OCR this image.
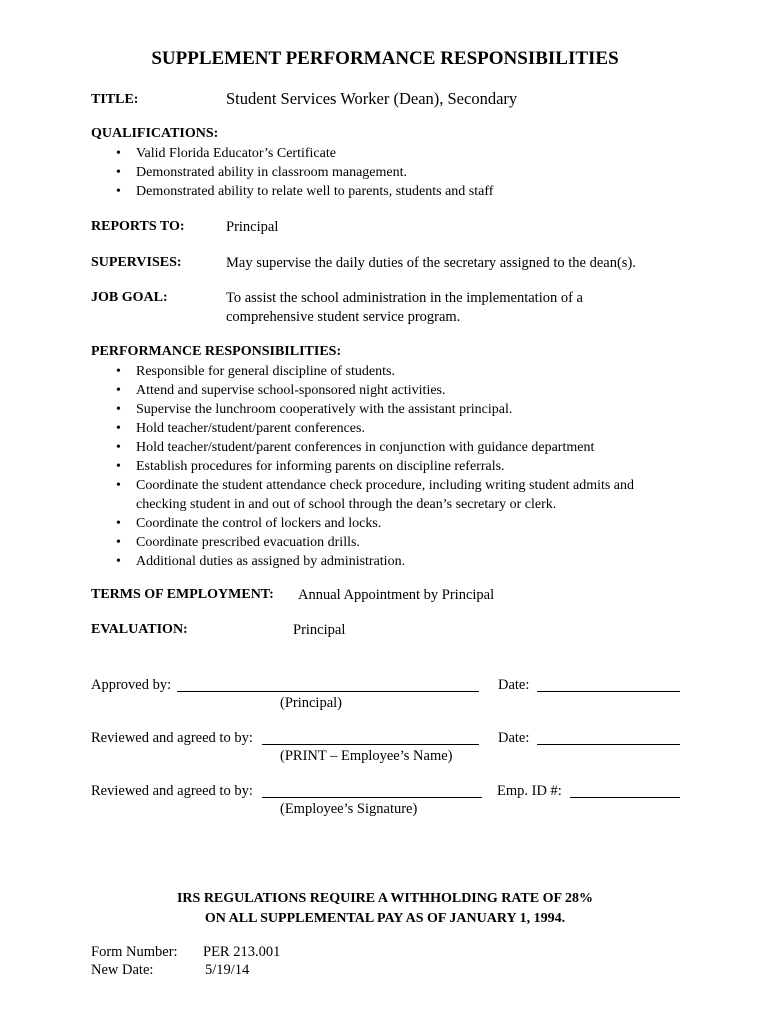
SUPPLEMENT PERFORMANCE RESPONSIBILITIES
TITLE:	Student Services Worker (Dean), Secondary
QUALIFICATIONS:
• Valid Florida Educator’s Certificate
• Demonstrated ability in classroom management.
• Demonstrated ability to relate well to parents, students and staff
REPORTS TO:	Principal
SUPERVISES:	May supervise the daily duties of the secretary assigned to the dean(s).
JOB GOAL:	To assist the school administration in the implementation of a
comprehensive student service program.
PERFORMANCE RESPONSIBILITIES:
• Responsible for general discipline of students.
• Attend and supervise school-sponsored night activities.
• Supervise the lunchroom cooperatively with the assistant principal.
• Hold teacher/student/parent conferences.
• Hold teacher/student/parent conferences in conjunction with guidance department
• Establish procedures for informing parents on discipline referrals.
• Coordinate the student attendance check procedure, including writing student admits and
checking student in and out of school through the dean’s secretary or clerk.
• Coordinate the control of lockers and locks.
• Coordinate prescribed evacuation drills.
• Additional duties as assigned by administration.
TERMS OF EMPLOYMENT: Annual Appointment by Principal
EVALUATION:	Principal
Approved by:
(Principal)
Date:
Reviewed and agreed to by:
(PRINT – Employee’s Name)
Date:
Reviewed and agreed to by:
(Employee’s Signature)
Emp. ID #:
IRS REGULATIONS REQUIRE A WITHHOLDING RATE OF 28%
ON ALL SUPPLEMENTAL PAY AS OF JANUARY 1, 1994.
Form Number: PER 213.001
New Date:	5/19/14
